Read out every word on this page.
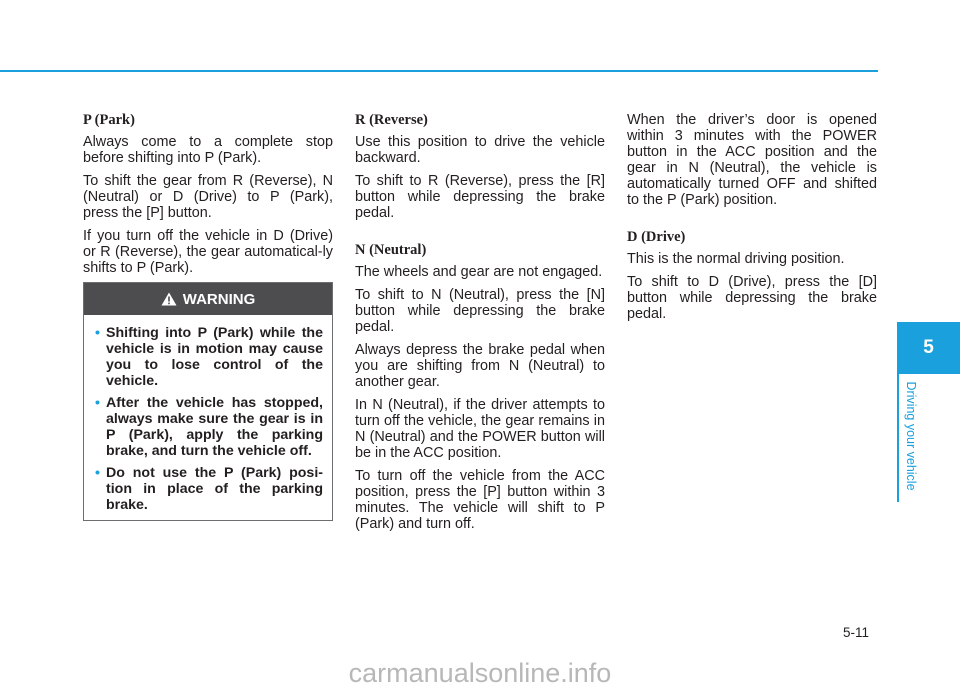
P (Park)

Always come to a complete stop before shifting into P (Park).

To shift the gear from R (Reverse), N (Neutral) or D (Drive) to P (Park), press the [P] button.

If you turn off the vehicle in D (Drive) or R (Reverse), the gear automatical-ly shifts to P (Park).

WARNING
• Shifting into P (Park) while the vehicle is in motion may cause you to lose control of the vehicle.
• After the vehicle has stopped, always make sure the gear is in P (Park), apply the parking brake, and turn the vehicle off.
• Do not use the P (Park) posi-tion in place of the parking brake.
R (Reverse)

Use this position to drive the vehicle backward.

To shift to R (Reverse), press the [R] button while depressing the brake pedal.

N (Neutral)

The wheels and gear are not engaged.

To shift to N (Neutral), press the [N] button while depressing the brake pedal.

Always depress the brake pedal when you are shifting from N (Neutral) to another gear.

In N (Neutral), if the driver attempts to turn off the vehicle, the gear remains in N (Neutral) and the POWER button will be in the ACC position.

To turn off the vehicle from the ACC position, press the [P] button within 3 minutes. The vehicle will shift to P (Park) and turn off.

When the driver’s door is opened within 3 minutes with the POWER button in the ACC position and the gear in N (Neutral), the vehicle is automatically turned OFF and shifted to the P (Park) position.

D (Drive)

This is the normal driving position.

To shift to D (Drive), press the [D] button while depressing the brake pedal.

5
Driving your vehicle
5-11
carmanualsonline.info
